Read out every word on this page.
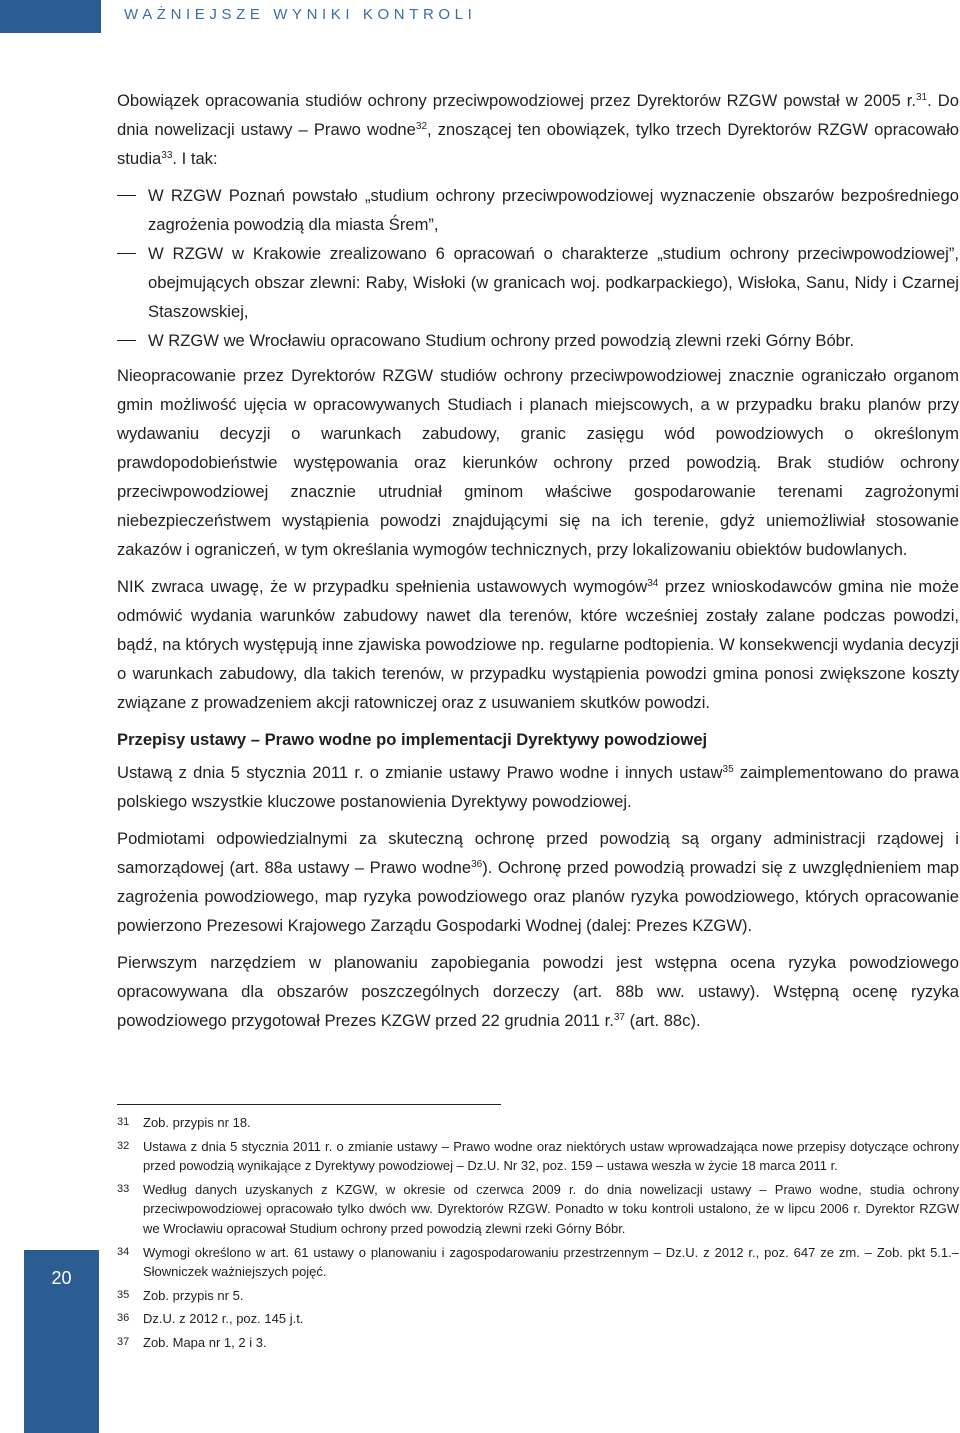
WAŻNIEJSZE WYNIKI KONTROLI

Obowiązek opracowania studiów ochrony przeciwpowodziowej przez Dyrektorów RZGW powstał w 2005 r.$^{31}$. Do dnia nowelizacji ustawy – Prawo wodne$^{32}$, znoszącej ten obowiązek, tylko trzech Dyrektorów RZGW opracowało studia$^{33}$. I tak:

W RZGW Poznań powstało „studium ochrony przeciwpowodziowej wyznaczenie obszarów bezpośredniego zagrożenia powodzią dla miasta Śrem”,
W RZGW w Krakowie zrealizowano 6 opracowań o charakterze „studium ochrony przeciwpowodziowej”, obejmujących obszar zlewni: Raby, Wisłoki (w granicach woj. podkarpackiego), Wisłoka, Sanu, Nidy i Czarnej Staszowskiej,
W RZGW we Wrocławiu opracowano Studium ochrony przed powodzią zlewni rzeki Górny Bóbr.

Nieopracowanie przez Dyrektorów RZGW studiów ochrony przeciwpowodziowej znacznie ograniczało organom gmin możliwość ujęcia w opracowywanych Studiach i planach miejscowych, a w przypadku braku planów przy wydawaniu decyzji o warunkach zabudowy, granic zasięgu wód powodziowych o określonym prawdopodobieństwie występowania oraz kierunków ochrony przed powodzią. Brak studiów ochrony przeciwpowodziowej znacznie utrudniał gminom właściwe gospodarowanie terenami zagrożonymi niebezpieczeństwem wystąpienia powodzi znajdującymi się na ich terenie, gdyż uniemożliwiał stosowanie zakazów i ograniczeń, w tym określania wymogów technicznych, przy lokalizowaniu obiektów budowlanych.

NIK zwraca uwagę, że w przypadku spełnienia ustawowych wymogów$^{34}$ przez wnioskodawców gmina nie może odmówić wydania warunków zabudowy nawet dla terenów, które wcześniej zostały zalane podczas powodzi, bądź, na których występują inne zjawiska powodziowe np. regularne podtopienia. W konsekwencji wydania decyzji o warunkach zabudowy, dla takich terenów, w przypadku wystąpienia powodzi gmina ponosi zwiększone koszty związane z prowadzeniem akcji ratowniczej oraz z usuwaniem skutków powodzi.

Przepisy ustawy – Prawo wodne po implementacji Dyrektywy powodziowej

Ustawą z dnia 5 stycznia 2011 r. o zmianie ustawy Prawo wodne i innych ustaw$^{35}$ zaimplementowano do prawa polskiego wszystkie kluczowe postanowienia Dyrektywy powodziowej.

Podmiotami odpowiedzialnymi za skuteczną ochronę przed powodzią są organy administracji rządowej i samorządowej (art. 88a ustawy – Prawo wodne$^{36}$). Ochronę przed powodzią prowadzi się z uwzględnieniem map zagrożenia powodziowego, map ryzyka powodziowego oraz planów ryzyka powodziowego, których opracowanie powierzono Prezesowi Krajowego Zarządu Gospodarki Wodnej (dalej: Prezes KZGW).

Pierwszym narzędziem w planowaniu zapobiegania powodzi jest wstępna ocena ryzyka powodziowego opracowywana dla obszarów poszczególnych dorzeczy (art. 88b ww. ustawy). Wstępną ocenę ryzyka powodziowego przygotował Prezes KZGW przed 22 grudnia 2011 r.$^{37}$ (art. 88c).

31	Zob. przypis nr 18.
32	Ustawa z dnia 5 stycznia 2011 r. o zmianie ustawy – Prawo wodne oraz niektórych ustaw wprowadzająca nowe przepisy dotyczące ochrony przed powodzią wynikające z Dyrektywy powodziowej – Dz.U. Nr 32, poz. 159 – ustawa weszła w życie 18 marca 2011 r.
33	Według danych uzyskanych z KZGW, w okresie od czerwca 2009 r. do dnia nowelizacji ustawy – Prawo wodne, studia ochrony przeciwpowodziowej opracowało tylko dwóch ww. Dyrektorów RZGW. Ponadto w toku kontroli ustalono, że w lipcu 2006 r. Dyrektor RZGW we Wrocławiu opracował Studium ochrony przed powodzią zlewni rzeki Górny Bóbr.
34	Wymogi określono w art. 61 ustawy o planowaniu i zagospodarowaniu przestrzennym – Dz.U. z 2012 r., poz. 647 ze zm. – Zob. pkt 5.1.– Słowniczek ważniejszych pojęć.
35	Zob. przypis nr 5.
36	Dz.U. z 2012 r., poz. 145 j.t.
37	Zob. Mapa nr 1, 2 i 3.
20
